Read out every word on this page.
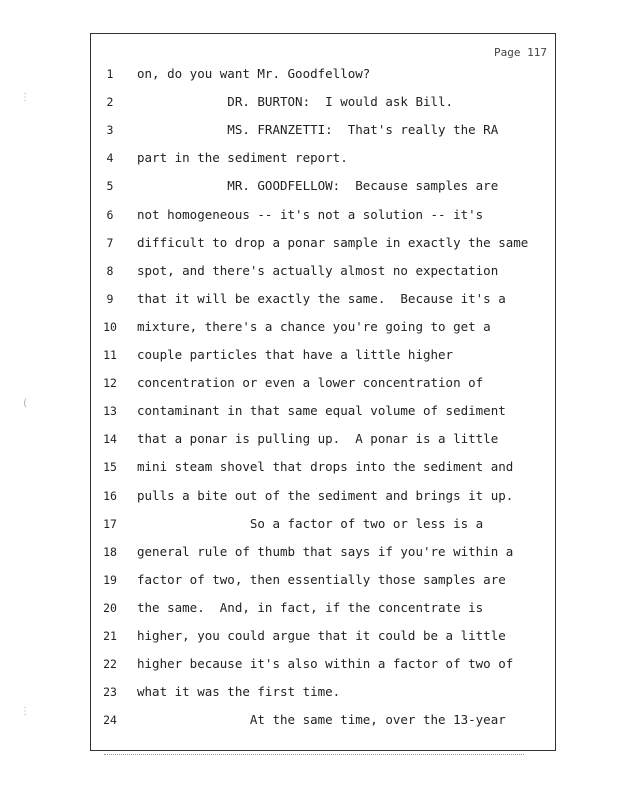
Page 117
1	on, do you want Mr. Goodfellow?
2	DR. BURTON:  I would ask Bill.
3	MS. FRANZETTI:  That's really the RA
4	part in the sediment report.
5	MR. GOODFELLOW:  Because samples are
6	not homogeneous -- it's not a solution -- it's
7	difficult to drop a ponar sample in exactly the same
8	spot, and there's actually almost no expectation
9	that it will be exactly the same.  Because it's a
10	mixture, there's a chance you're going to get a
11	couple particles that have a little higher
12	concentration or even a lower concentration of
13	contaminant in that same equal volume of sediment
14	that a ponar is pulling up.  A ponar is a little
15	mini steam shovel that drops into the sediment and
16	pulls a bite out of the sediment and brings it up.
17	So a factor of two or less is a
18	general rule of thumb that says if you're within a
19	factor of two, then essentially those samples are
20	the same.  And, in fact, if the concentrate is
21	higher, you could argue that it could be a little
22	higher because it's also within a factor of two of
23	what it was the first time.
24	At the same time, over the 13-year
⋮
(
⋮
